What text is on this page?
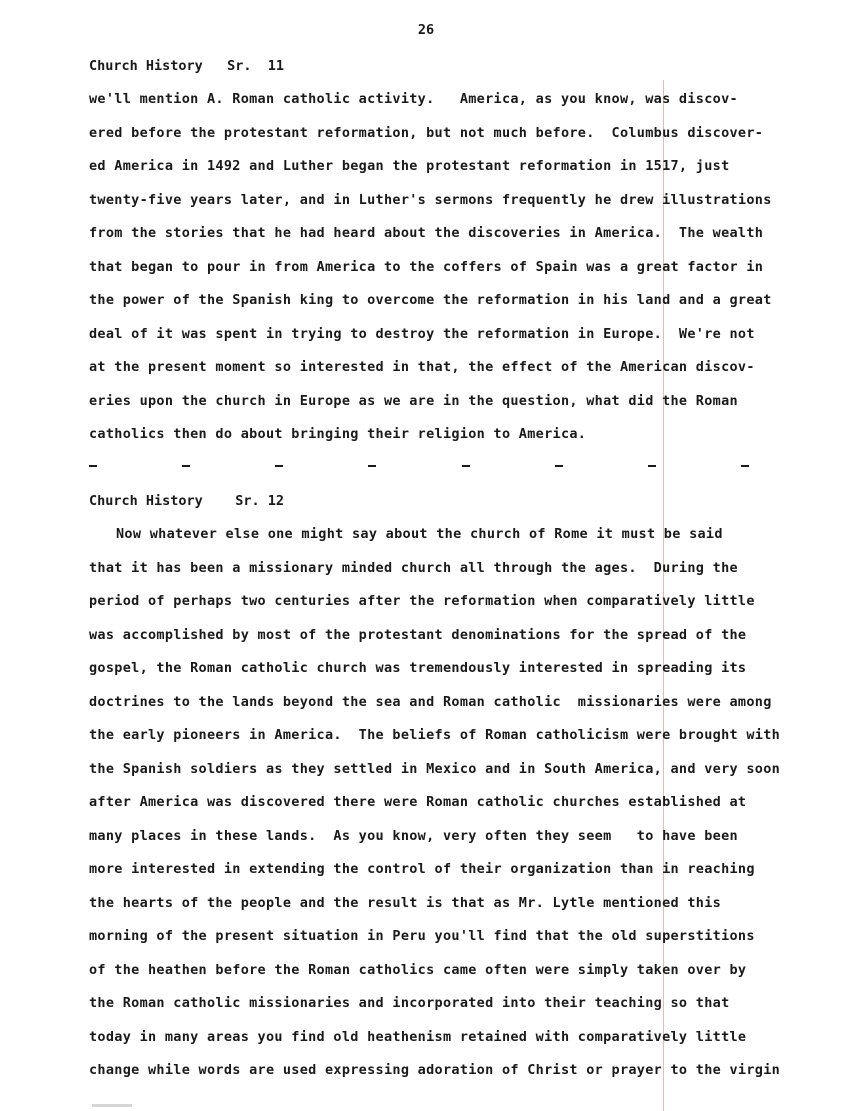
26
Church History   Sr.  11
we'll mention A. Roman catholic activity.   America, as you know, was discov-
ered before the protestant reformation, but not much before.  Columbus discover-
ed America in 1492 and Luther began the protestant reformation in 1517, just
twenty-five years later, and in Luther's sermons frequently he drew illustrations
from the stories that he had heard about the discoveries in America.  The wealth
that began to pour in from America to the coffers of Spain was a great factor in
the power of the Spanish king to overcome the reformation in his land and a great
deal of it was spent in trying to destroy the reformation in Europe.  We're not
at the present moment so interested in that, the effect of the American discov-
eries upon the church in Europe as we are in the question, what did the Roman
catholics then do about bringing their religion to America.
Church History    Sr. 12
Now whatever else one might say about the church of Rome it must be said
that it has been a missionary minded church all through the ages.  During the
period of perhaps two centuries after the reformation when comparatively little
was accomplished by most of the protestant denominations for the spread of the
gospel, the Roman catholic church was tremendously interested in spreading its
doctrines to the lands beyond the sea and Roman catholic  missionaries were among
the early pioneers in America.  The beliefs of Roman catholicism were brought with
the Spanish soldiers as they settled in Mexico and in South America, and very soon
after America was discovered there were Roman catholic churches established at
many places in these lands.  As you know, very often they seem   to have been
more interested in extending the control of their organization than in reaching
the hearts of the people and the result is that as Mr. Lytle mentioned this
morning of the present situation in Peru you'll find that the old superstitions
of the heathen before the Roman catholics came often were simply taken over by
the Roman catholic missionaries and incorporated into their teaching so that
today in many areas you find old heathenism retained with comparatively little
change while words are used expressing adoration of Christ or prayer to the virgin
